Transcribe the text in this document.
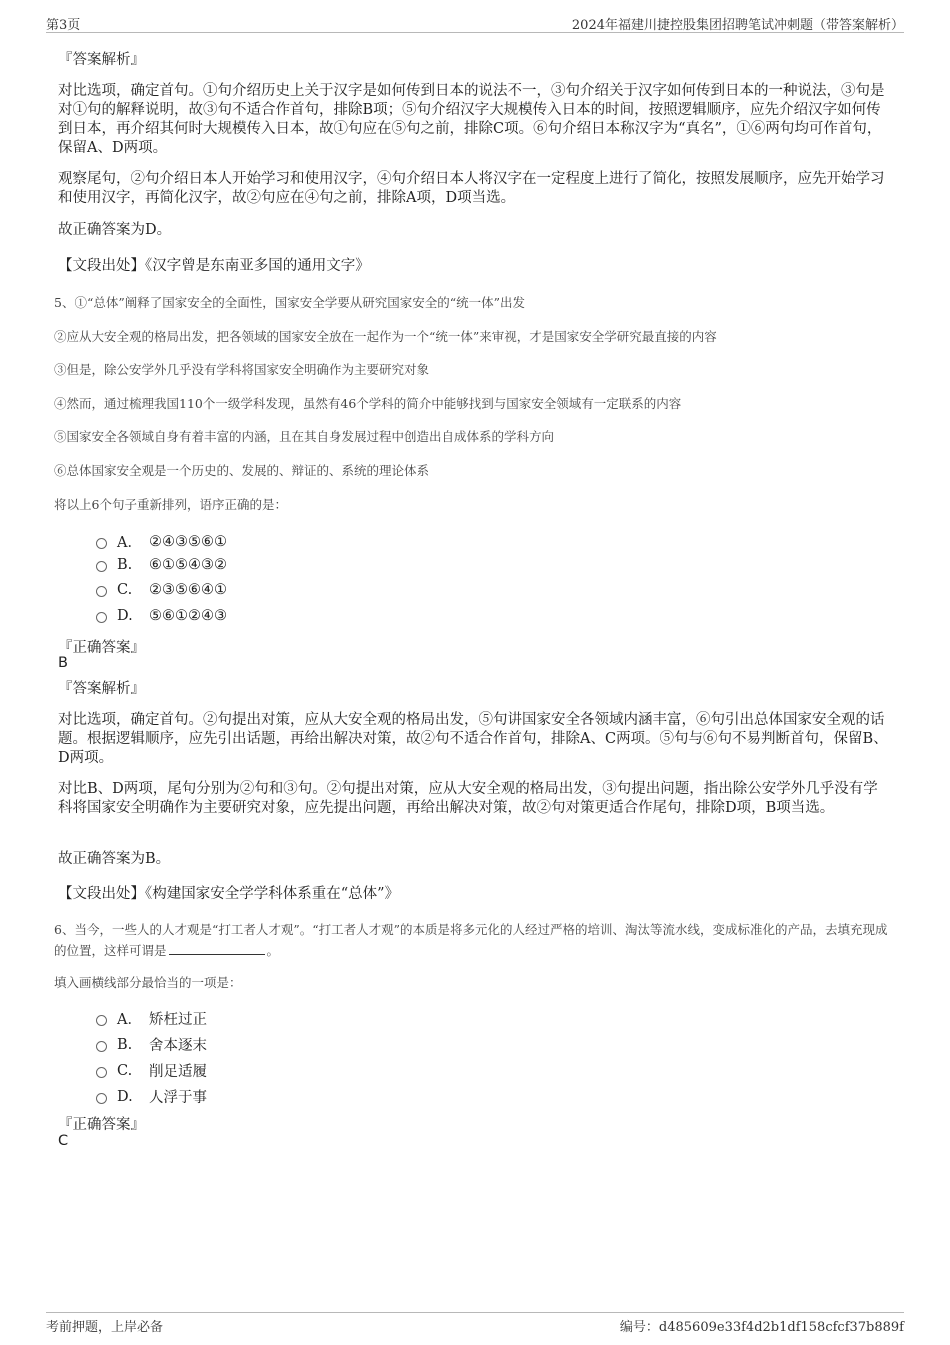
第3页	2024年福建川捷控股集团招聘笔试冲刺题（带答案解析）
『答案解析』
对比选项，确定首句。①句介绍历史上关于汉字是如何传到日本的说法不一，③句介绍关于汉字如何传到日本的一种说法，③句是对①句的解释说明，故③句不适合作首句，排除B项；⑤句介绍汉字大规模传入日本的时间，按照逻辑顺序，应先介绍汉字如何传到日本，再介绍其何时大规模传入日本，故①句应在⑤句之前，排除C项。⑥句介绍日本称汉字为“真名”，①⑥两句均可作首句，保留A、D两项。
观察尾句，②句介绍日本人开始学习和使用汉字，④句介绍日本人将汉字在一定程度上进行了简化，按照发展顺序，应先开始学习和使用汉字，再简化汉字，故②句应在④句之前，排除A项，D项当选。
故正确答案为D。
【文段出处】《汉字曾是东南亚多国的通用文字》
5、①“总体”阐释了国家安全的全面性，国家安全学要从研究国家安全的“统一体”出发
②应从大安全观的格局出发，把各领域的国家安全放在一起作为一个“统一体”来审视，才是国家安全学研究最直接的内容
③但是，除公安学外几乎没有学科将国家安全明确作为主要研究对象
④然而，通过梳理我国110个一级学科发现，虽然有46个学科的简介中能够找到与国家安全领域有一定联系的内容
⑤国家安全各领域自身有着丰富的内涵，且在其自身发展过程中创造出自成体系的学科方向
⑥总体国家安全观是一个历史的、发展的、辩证的、系统的理论体系
将以上6个句子重新排列，语序正确的是：
A． ②④③⑤⑥①
B.	⑥①⑤④③②
C.	②③⑤⑥④①
D.	⑤⑥①②④③
『正确答案』
B
『答案解析』
对比选项，确定首句。②句提出对策，应从大安全观的格局出发，⑤句讲国家安全各领域内涵丰富，⑥句引出总体国家安全观的话题。根据逻辑顺序，应先引出话题，再给出解决对策，故②句不适合作首句，排除A、C两项。⑤句与⑥句不易判断首句，保留B、D两项。
对比B、D两项，尾句分别为②句和③句。②句提出对策，应从大安全观的格局出发，③句提出问题，指出除公安学外几乎没有学科将国家安全明确作为主要研究对象，应先提出问题，再给出解决对策，故②句对策更适合作尾句，排除D项，B项当选。
故正确答案为B。
【文段出处】《构建国家安全学学科体系重在“总体”》
6、当今，一些人的人才观是“打工者人才观”。“打工者人才观”的本质是将多元化的人经过严格的培训、淘汰等流水线，变成标准化的产品，去填充现成的位置，这样可谓是	。
填入画横线部分最恰当的一项是：
A． 矫枉过正
B.	舍本逐末
C.	削足适履
D.	人浮于事
『正确答案』
C
考前押题，上岸必备	编号：d485609e33f4d2b1df158cfcf37b889f
